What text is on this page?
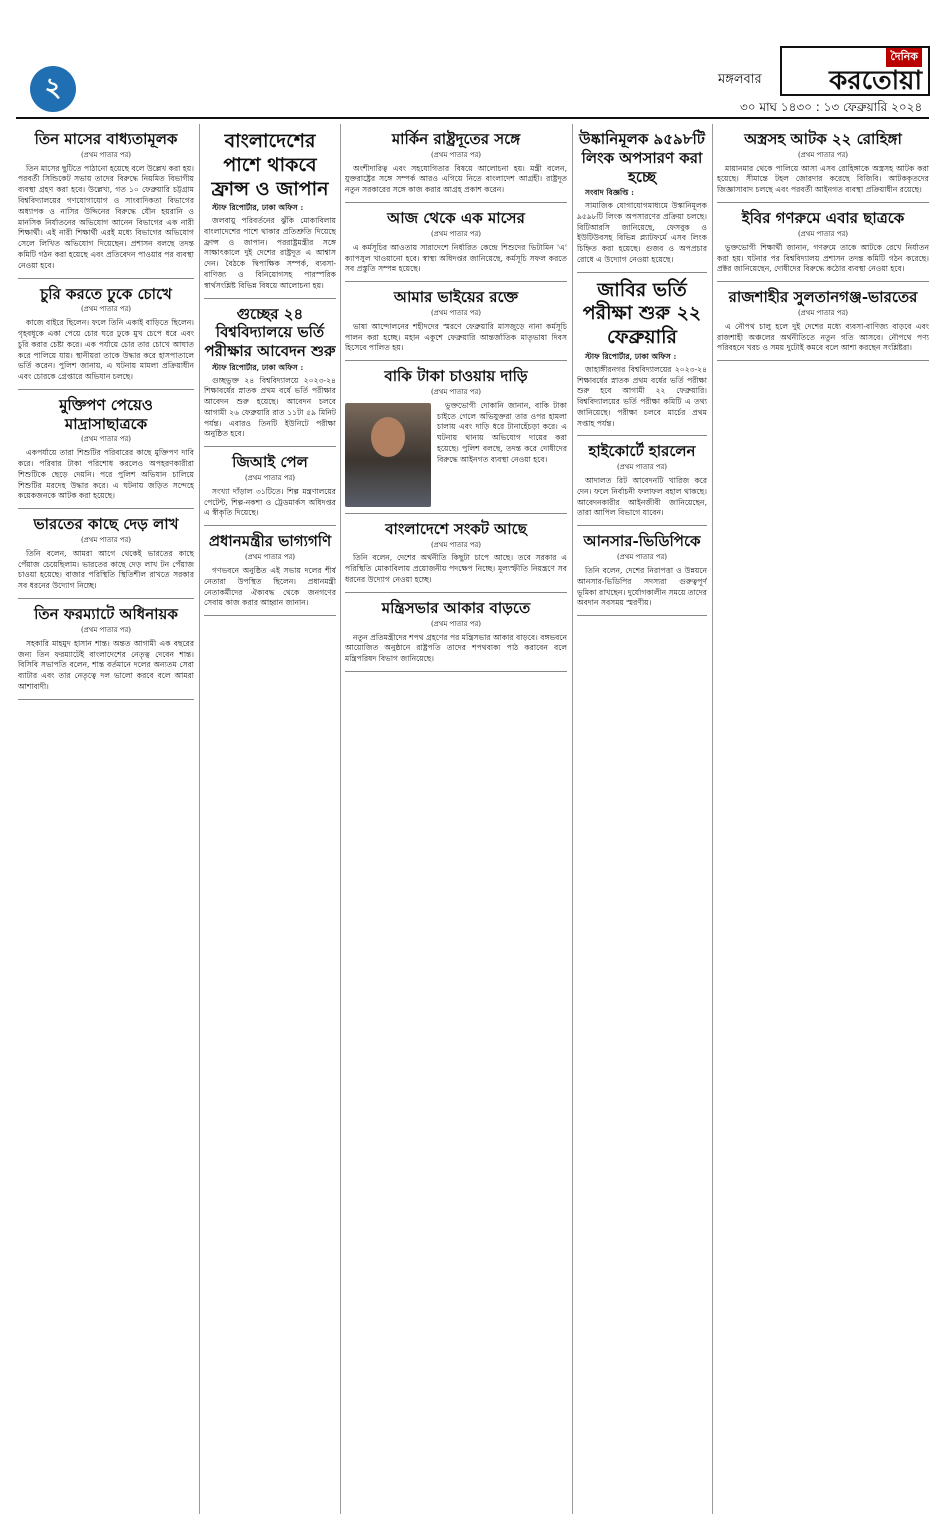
২	মঙ্গলবার
দৈনিক
করতোয়া
৩০ মাঘ ১৪৩০ : ১৩ ফেব্রুয়ারি ২০২৪
তিন মাসের বাধ্যতামূলক
(প্রথম পাতার পর)

তিন মাসের ছুটিতে পাঠানো হয়েছে বলে উল্লেখ করা হয়। পরবর্তী সিন্ডিকেট সভায় তাদের বিরুদ্ধে নিয়মিত বিভাগীয় ব্যবস্থা গ্রহণ করা হবে। উল্লেখ্য, গত ১০ ফেব্রুয়ারি চট্টগ্রাম বিশ্ববিদ্যালয়ের গণযোগাযোগ ও সাংবাদিকতা বিভাগের অধ্যাপক ও নাসির উদ্দিনের বিরুদ্ধে যৌন হয়রানি ও মানসিক নির্যাতনের অভিযোগ আনেন বিভাগের এক নারী শিক্ষার্থী। এই নারী শিক্ষার্থী এরই মধ্যে বিভাগের অভিযোগ সেলে লিখিত অভিযোগ দিয়েছেন। প্রশাসন বলছে তদন্ত কমিটি গঠন করা হয়েছে এবং প্রতিবেদন পাওয়ার পর ব্যবস্থা নেওয়া হবে।

চুরি করতে ঢুকে চোখে
(প্রথম পাতার পর)

কাজে বাইরে ছিলেন। ফলে তিনি একাই বাড়িতে ছিলেন। গৃহবধূকে একা পেয়ে চোর ঘরে ঢুকে মুখ চেপে ধরে এবং চুরি করার চেষ্টা করে। এক পর্যায়ে চোর তার চোখে আঘাত করে পালিয়ে যায়। স্থানীয়রা তাকে উদ্ধার করে হাসপাতালে ভর্তি করেন। পুলিশ জানায়, এ ঘটনায় মামলা প্রক্রিয়াধীন এবং চোরকে গ্রেপ্তারে অভিযান চলছে।

মুক্তিপণ পেয়েও মাদ্রাসাছাত্রকে
(প্রথম পাতার পর)

একপর্যায়ে তারা শিশুটির পরিবারের কাছে মুক্তিপণ দাবি করে। পরিবার টাকা পরিশোধ করলেও অপহরণকারীরা শিশুটিকে ছেড়ে দেয়নি। পরে পুলিশ অভিযান চালিয়ে শিশুটির মরদেহ উদ্ধার করে। এ ঘটনায় জড়িত সন্দেহে কয়েকজনকে আটক করা হয়েছে।

ভারতের কাছে দেড় লাখ
(প্রথম পাতার পর)

তিনি বলেন, আমরা আগে থেকেই ভারতের কাছে পেঁয়াজ চেয়েছিলাম। ভারতের কাছে দেড় লাখ টন পেঁয়াজ চাওয়া হয়েছে। বাজার পরিস্থিতি স্থিতিশীল রাখতে সরকার সব ধরনের উদ্যোগ নিচ্ছে।

তিন ফরম্যাটে অধিনায়ক
(প্রথম পাতার পর)

সহকারি মাহমুদ হাসান শান্ত। অন্তত আগামী এক বছরের জন্য তিন ফরম্যাটেই বাংলাদেশের নেতৃত্ব দেবেন শান্ত। বিসিবি সভাপতি বলেন, শান্ত বর্তমানে দলের অন্যতম সেরা ব্যাটার এবং তার নেতৃত্বে দল ভালো করবে বলে আমরা আশাবাদী।

বাংলাদেশের পাশে থাকবে ফ্রান্স ও জাপান

স্টাফ রিপোর্টার, ঢাকা অফিস :

জলবায়ু পরিবর্তনের ঝুঁকি মোকাবিলায় বাংলাদেশের পাশে থাকার প্রতিশ্রুতি দিয়েছে ফ্রান্স ও জাপান। পররাষ্ট্রমন্ত্রীর সঙ্গে সাক্ষাৎকালে দুই দেশের রাষ্ট্রদূত এ আশ্বাস দেন। বৈঠকে দ্বিপাক্ষিক সম্পর্ক, ব্যবসা-বাণিজ্য ও বিনিয়োগসহ পারস্পরিক স্বার্থসংশ্লিষ্ট বিভিন্ন বিষয়ে আলোচনা হয়।

গুচ্ছের ২৪ বিশ্ববিদ্যালয়ে ভর্তি পরীক্ষার আবেদন শুরু

স্টাফ রিপোর্টার, ঢাকা অফিস :

গুচ্ছভুক্ত ২৪ বিশ্ববিদ্যালয়ে ২০২৩-২৪ শিক্ষাবর্ষের স্নাতক প্রথম বর্ষে ভর্তি পরীক্ষার আবেদন শুরু হয়েছে। আবেদন চলবে আগামী ২৬ ফেব্রুয়ারি রাত ১১টা ৫৯ মিনিট পর্যন্ত। এবারও তিনটি ইউনিটে পরীক্ষা অনুষ্ঠিত হবে।

জিআই পেল
(প্রথম পাতার পর)

সংখ্যা দাঁড়াল ৩১টিতে। শিল্প মন্ত্রণালয়ের পেটেন্ট, শিল্প-নকশা ও ট্রেডমার্কস অধিদপ্তর এ স্বীকৃতি দিয়েছে।

প্রধানমন্ত্রীর ভাগ্যগণি
(প্রথম পাতার পর)

গণভবনে অনুষ্ঠিত এই সভায় দলের শীর্ষ নেতারা উপস্থিত ছিলেন। প্রধানমন্ত্রী নেতাকর্মীদের ঐক্যবদ্ধ থেকে জনগণের সেবায় কাজ করার আহ্বান জানান।

মার্কিন রাষ্ট্রদূতের সঙ্গে
(প্রথম পাতার পর)

অংশীদারিত্ব এবং সহযোগিতার বিষয়ে আলোচনা হয়। মন্ত্রী বলেন, যুক্তরাষ্ট্রের সঙ্গে সম্পর্ক আরও এগিয়ে নিতে বাংলাদেশ আগ্রহী। রাষ্ট্রদূত নতুন সরকারের সঙ্গে কাজ করার আগ্রহ প্রকাশ করেন।

আজ থেকে এক মাসের
(প্রথম পাতার পর)

এ কর্মসূচির আওতায় সারাদেশে নির্ধারিত কেন্দ্রে শিশুদের ভিটামিন 'এ' ক্যাপসুল খাওয়ানো হবে। স্বাস্থ্য অধিদপ্তর জানিয়েছে, কর্মসূচি সফল করতে সব প্রস্তুতি সম্পন্ন হয়েছে।

আমার ভাইয়ের রক্তে
(প্রথম পাতার পর)

ভাষা আন্দোলনের শহীদদের স্মরণে ফেব্রুয়ারি মাসজুড়ে নানা কর্মসূচি পালন করা হচ্ছে। মহান একুশে ফেব্রুয়ারি আন্তর্জাতিক মাতৃভাষা দিবস হিসেবে পালিত হয়।

বাকি টাকা চাওয়ায় দাড়ি
(প্রথম পাতার পর)

ভুক্তভোগী দোকানি জানান, বাকি টাকা চাইতে গেলে অভিযুক্তরা তার ওপর হামলা চালায় এবং দাড়ি ধরে টানাহেঁচড়া করে। এ ঘটনায় থানায় অভিযোগ দায়ের করা হয়েছে। পুলিশ বলছে, তদন্ত করে দোষীদের বিরুদ্ধে আইনগত ব্যবস্থা নেওয়া হবে।

বাংলাদেশে সংকট আছে
(প্রথম পাতার পর)

তিনি বলেন, দেশের অর্থনীতি কিছুটা চাপে আছে। তবে সরকার এ পরিস্থিতি মোকাবিলায় প্রয়োজনীয় পদক্ষেপ নিচ্ছে। মূল্যস্ফীতি নিয়ন্ত্রণে সব ধরনের উদ্যোগ নেওয়া হচ্ছে।

মন্ত্রিসভার আকার বাড়তে
(প্রথম পাতার পর)

নতুন প্রতিমন্ত্রীদের শপথ গ্রহণের পর মন্ত্রিসভার আকার বাড়বে। বঙ্গভবনে আয়োজিত অনুষ্ঠানে রাষ্ট্রপতি তাদের শপথবাক্য পাঠ করাবেন বলে মন্ত্রিপরিষদ বিভাগ জানিয়েছে।

উষ্কানিমূলক ৯৫৯৮টি লিংক অপসারণ করা হচ্ছে

সংবাদ বিজ্ঞপ্তি :

সামাজিক যোগাযোগমাধ্যমে উস্কানিমূলক ৯৫৯৮টি লিংক অপসারণের প্রক্রিয়া চলছে। বিটিআরসি জানিয়েছে, ফেসবুক ও ইউটিউবসহ বিভিন্ন প্ল্যাটফর্মে এসব লিংক চিহ্নিত করা হয়েছে। গুজব ও অপপ্রচার রোধে এ উদ্যোগ নেওয়া হয়েছে।

জাবির ভর্তি পরীক্ষা শুরু ২২ ফেব্রুয়ারি

স্টাফ রিপোর্টার, ঢাকা অফিস :

জাহাঙ্গীরনগর বিশ্ববিদ্যালয়ের ২০২৩-২৪ শিক্ষাবর্ষের স্নাতক প্রথম বর্ষের ভর্তি পরীক্ষা শুরু হবে আগামী ২২ ফেব্রুয়ারি। বিশ্ববিদ্যালয়ের ভর্তি পরীক্ষা কমিটি এ তথ্য জানিয়েছে। পরীক্ষা চলবে মার্চের প্রথম সপ্তাহ পর্যন্ত।

হাইকোর্টে হারলেন
(প্রথম পাতার পর)

আদালত রিট আবেদনটি খারিজ করে দেন। ফলে নির্বাচনী ফলাফল বহাল থাকছে। আবেদনকারীর আইনজীবী জানিয়েছেন, তারা আপিল বিভাগে যাবেন।

আনসার-ভিডিপিকে
(প্রথম পাতার পর)

তিনি বলেন, দেশের নিরাপত্তা ও উন্নয়নে আনসার-ভিডিপির সদস্যরা গুরুত্বপূর্ণ ভূমিকা রাখছেন। দুর্যোগকালীন সময়ে তাদের অবদান সবসময় স্মরণীয়।

অস্ত্রসহ আটক ২২ রোহিঙ্গা
(প্রথম পাতার পর)

মায়ানমার থেকে পালিয়ে আসা এসব রোহিঙ্গাকে অস্ত্রসহ আটক করা হয়েছে। সীমান্তে টহল জোরদার করেছে বিজিবি। আটককৃতদের জিজ্ঞাসাবাদ চলছে এবং পরবর্তী আইনগত ব্যবস্থা প্রক্রিয়াধীন রয়েছে।

ইবির গণরুমে এবার ছাত্রকে
(প্রথম পাতার পর)

ভুক্তভোগী শিক্ষার্থী জানান, গণরুমে তাকে আটকে রেখে নির্যাতন করা হয়। ঘটনার পর বিশ্ববিদ্যালয় প্রশাসন তদন্ত কমিটি গঠন করেছে। প্রক্টর জানিয়েছেন, দোষীদের বিরুদ্ধে কঠোর ব্যবস্থা নেওয়া হবে।

রাজশাহীর সুলতানগঞ্জ-ভারতের
(প্রথম পাতার পর)

এ নৌপথ চালু হলে দুই দেশের মধ্যে ব্যবসা-বাণিজ্য বাড়বে এবং রাজশাহী অঞ্চলের অর্থনীতিতে নতুন গতি আসবে। নৌপথে পণ্য পরিবহনে খরচ ও সময় দুটোই কমবে বলে আশা করছেন সংশ্লিষ্টরা।
